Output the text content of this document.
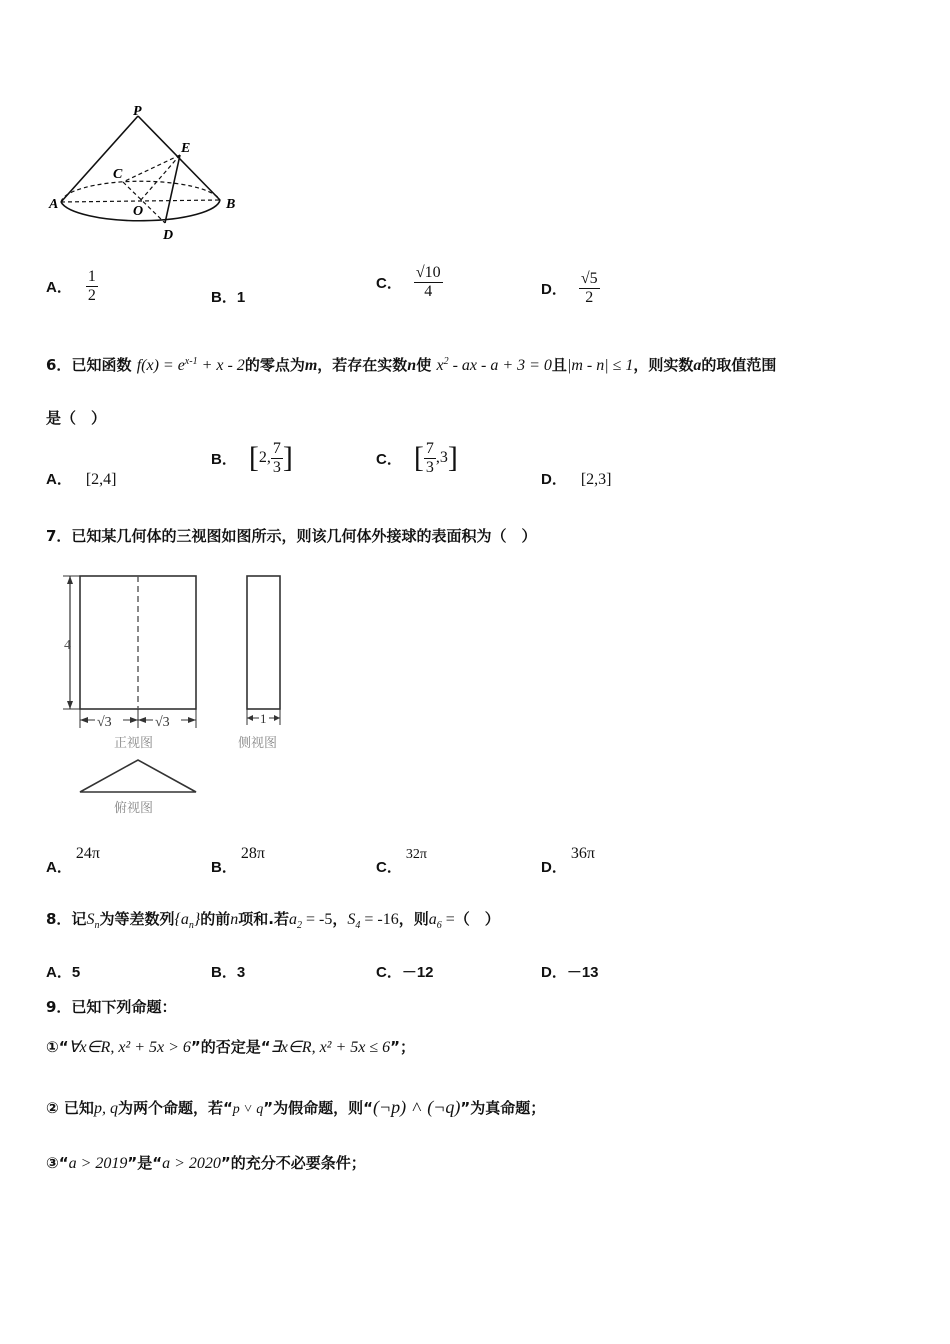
P
E
C
A	B
O
D
A． $\frac{1}{2}$	B．1
C． $\frac{√10}{4}$	D． $\frac{√5}{2}$
6．已知函数 $f(x) = e^{x-1} + x - 2$的零点为m，若存在实数n使 $x^2$ - ax - a + 3 = 0且|m - n| ≤ 1，则实数a的取值范围
是（　）
A． [2,4]
B． [ 2, $\frac{7}{3}$ ]	C． [ $\frac{7}{3} ,3$ ]
D． [2,3]
7．已知某几何体的三视图如图所示，则该几何体外接球的表面积为（　）
4
√3	√3
正视图
1
侧视图
俯视图
A．24π
B．28π
C．32π
D．36π
8．记$S_n$为等差数列$\{a_n\}$的前n项和.若$a_2 = -5$，$S_4 = -16$，则$a_6$ =（　）
A．5	B．3	C．－12	D．－13
9．已知下列命题：
①“∀x∈R, x² + 5x > 6”的否定是“∃x∈R, x² + 5x ≤ 6”；
② 已知p, q为两个命题，若“p ˅ q”为假命题，则“(¬p) ˄ (¬q)”为真命题；
③“a > 2019”是“a > 2020”的充分不必要条件；
